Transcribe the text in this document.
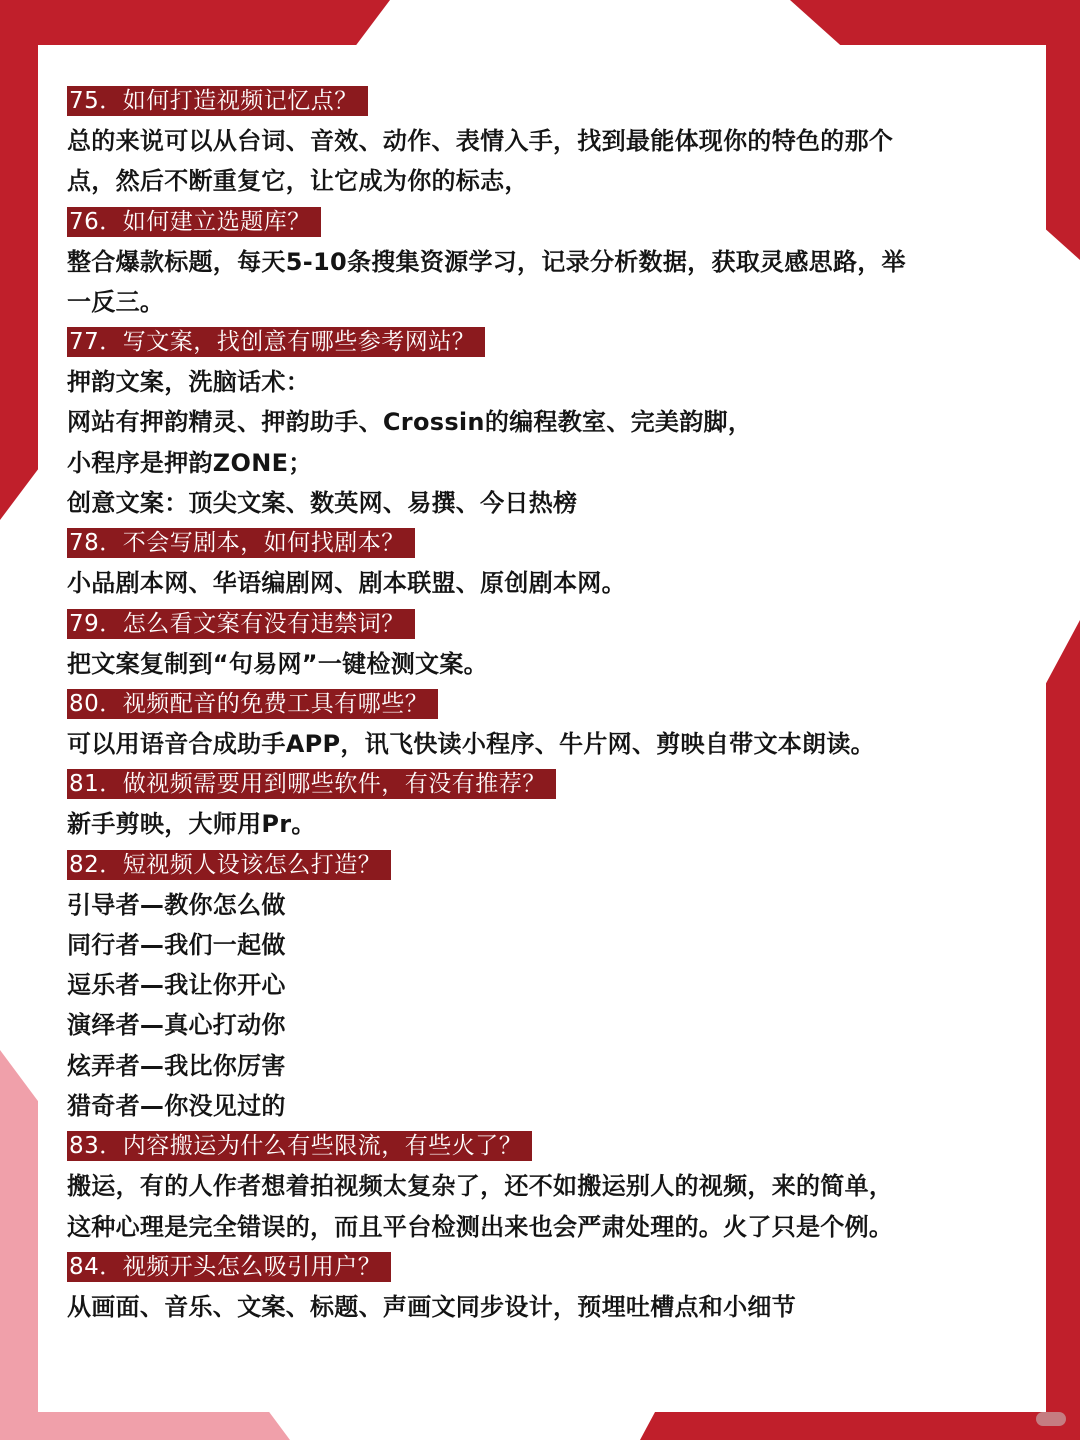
75．如何打造视频记忆点？
总的来说可以从台词、音效、动作、表情入手，找到最能体现你的特色的那个
点，然后不断重复它，让它成为你的标志，
76．如何建立选题库？
整合爆款标题，每天5-10条搜集资源学习，记录分析数据，获取灵感思路，举
一反三。
77．写文案，找创意有哪些参考网站？
押韵文案，洗脑话术：
网站有押韵精灵、押韵助手、Crossin的编程教室、完美韵脚，
小程序是押韵ZONE；
创意文案：顶尖文案、数英网、易撰、今日热榜
78．不会写剧本，如何找剧本？
小品剧本网、华语编剧网、剧本联盟、原创剧本网。
79．怎么看文案有没有违禁词？
把文案复制到“句易网”一键检测文案。
80．视频配音的免费工具有哪些？
可以用语音合成助手APP，讯飞快读小程序、牛片网、剪映自带文本朗读。
81．做视频需要用到哪些软件，有没有推荐？
新手剪映，大师用Pr。
82．短视频人设该怎么打造？
引导者—教你怎么做
同行者—我们一起做
逗乐者—我让你开心
演绎者—真心打动你
炫弄者—我比你厉害
猎奇者—你没见过的
83．内容搬运为什么有些限流，有些火了？
搬运，有的人作者想着拍视频太复杂了，还不如搬运别人的视频，来的简单，
这种心理是完全错误的，而且平台检测出来也会严肃处理的。火了只是个例。
84．视频开头怎么吸引用户？
从画面、音乐、文案、标题、声画文同步设计，预埋吐槽点和小细节
